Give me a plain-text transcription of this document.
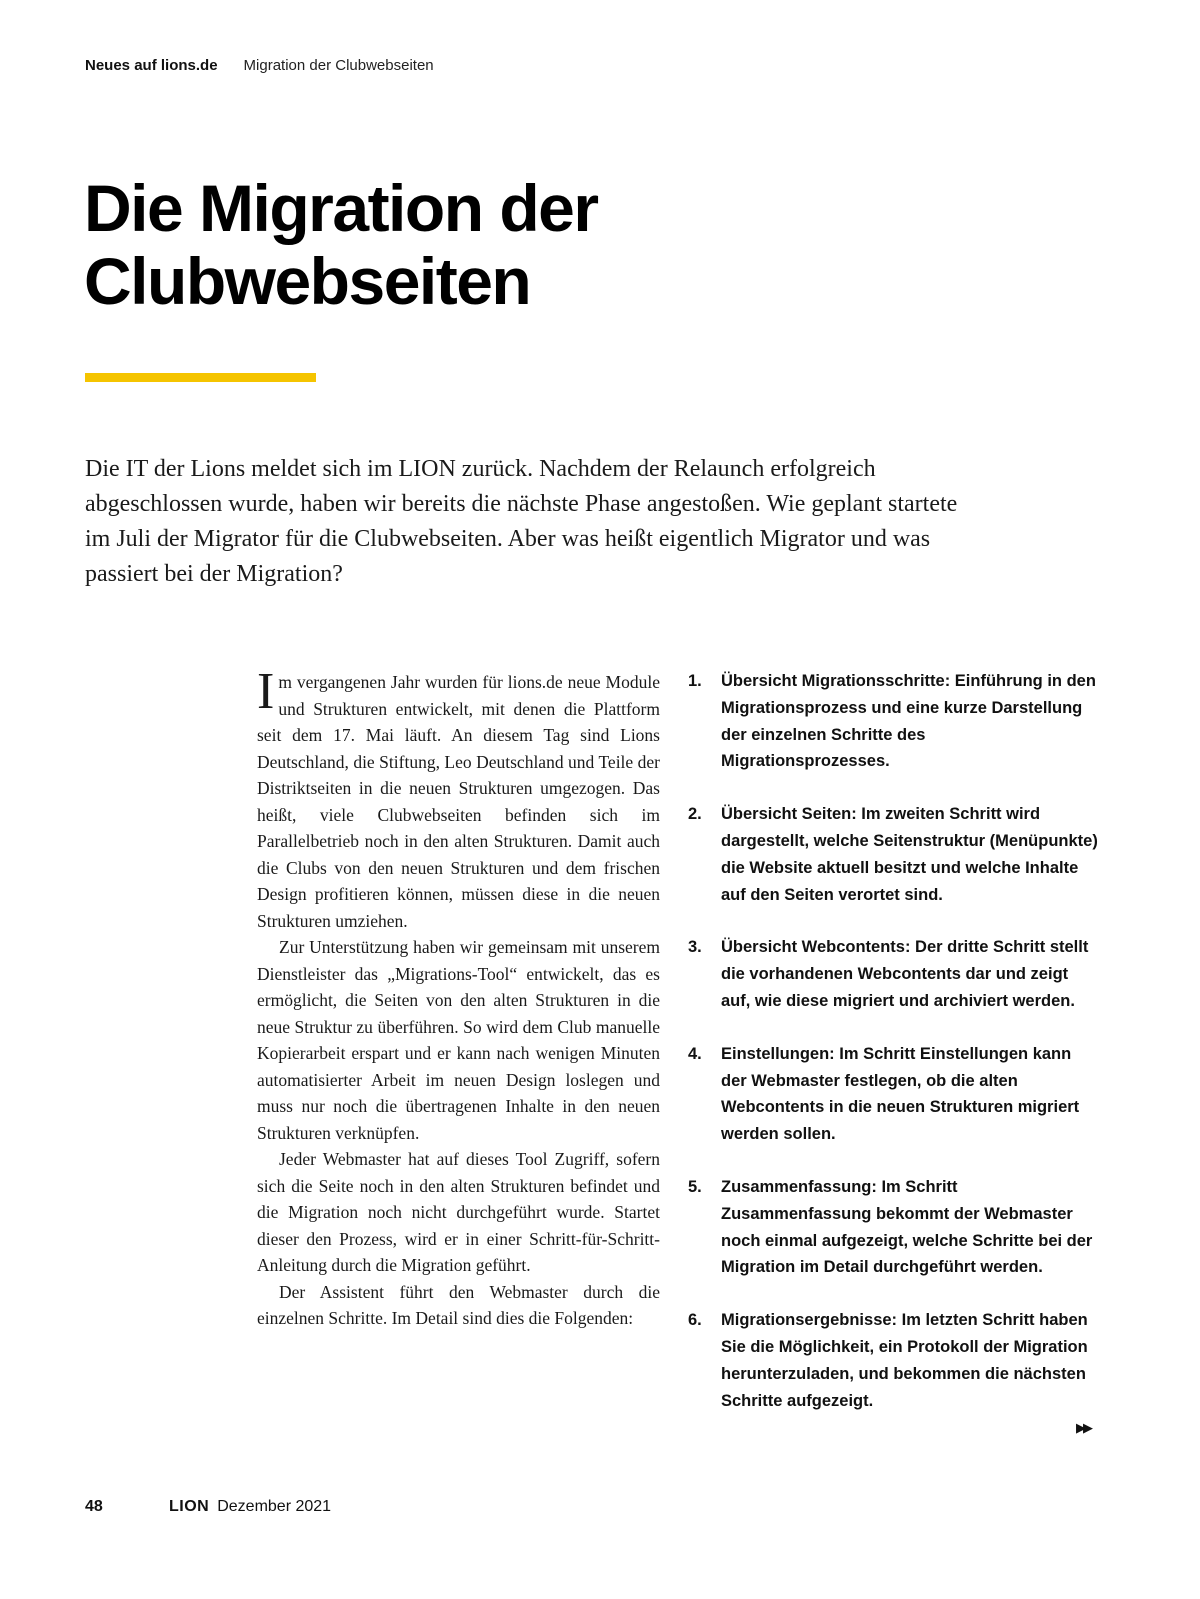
Neues auf lions.de Migration der Clubwebseiten
Die Migration der
Clubwebseiten

Die IT der Lions meldet sich im LION zurück. Nachdem der Relaunch erfolgreich abgeschlossen wurde, haben wir bereits die nächste Phase angestoßen. Wie geplant startete im Juli der Migrator für die Clubwebseiten. Aber was heißt eigentlich Migrator und was passiert bei der Migration?

Im vergangenen Jahr wurden für lions.de neue Module und Strukturen entwickelt, mit denen die Plattform seit dem 17. Mai läuft. An diesem Tag sind Lions Deutschland, die Stiftung, Leo Deutschland und Teile der Distriktseiten in die neuen Strukturen umgezogen. Das heißt, viele Clubwebseiten befinden sich im Parallelbetrieb noch in den alten Strukturen. Damit auch die Clubs von den neuen Strukturen und dem frischen Design profitieren können, müssen diese in die neuen Strukturen umziehen.

Zur Unterstützung haben wir gemeinsam mit unserem Dienstleister das „Migrations-Tool“ entwickelt, das es ermöglicht, die Seiten von den alten Strukturen in die neue Struktur zu überführen. So wird dem Club manuelle Kopierarbeit erspart und er kann nach wenigen Minuten automatisierter Arbeit im neuen Design loslegen und muss nur noch die übertragenen Inhalte in den neuen Strukturen verknüpfen.

Jeder Webmaster hat auf dieses Tool Zugriff, sofern sich die Seite noch in den alten Strukturen befindet und die Migration noch nicht durchgeführt wurde. Startet dieser den Prozess, wird er in einer Schritt-für-Schritt-Anleitung durch die Migration geführt.

Der Assistent führt den Webmaster durch die einzelnen Schritte. Im Detail sind dies die Folgenden:

1. Übersicht Migrationsschritte: Einführung in den Migrationsprozess und eine kurze Darstellung der einzelnen Schritte des Migrationsprozesses.
2. Übersicht Seiten: Im zweiten Schritt wird dargestellt, welche Seitenstruktur (Menüpunkte) die Website aktuell besitzt und welche Inhalte auf den Seiten verortet sind.
3. Übersicht Webcontents: Der dritte Schritt stellt die vorhandenen Webcontents dar und zeigt auf, wie diese migriert und archiviert werden.
4. Einstellungen: Im Schritt Einstellungen kann der Webmaster festlegen, ob die alten Webcontents in die neuen Strukturen migriert werden sollen.
5. Zusammenfassung: Im Schritt Zusammenfassung bekommt der Webmaster noch einmal aufgezeigt, welche Schritte bei der Migration im Detail durchgeführt werden.
6. Migrationsergebnisse: Im letzten Schritt haben Sie die Möglichkeit, ein Protokoll der Migration herunterzuladen, und bekommen die nächsten Schritte aufgezeigt.
▶▶
48	LION Dezember 2021
